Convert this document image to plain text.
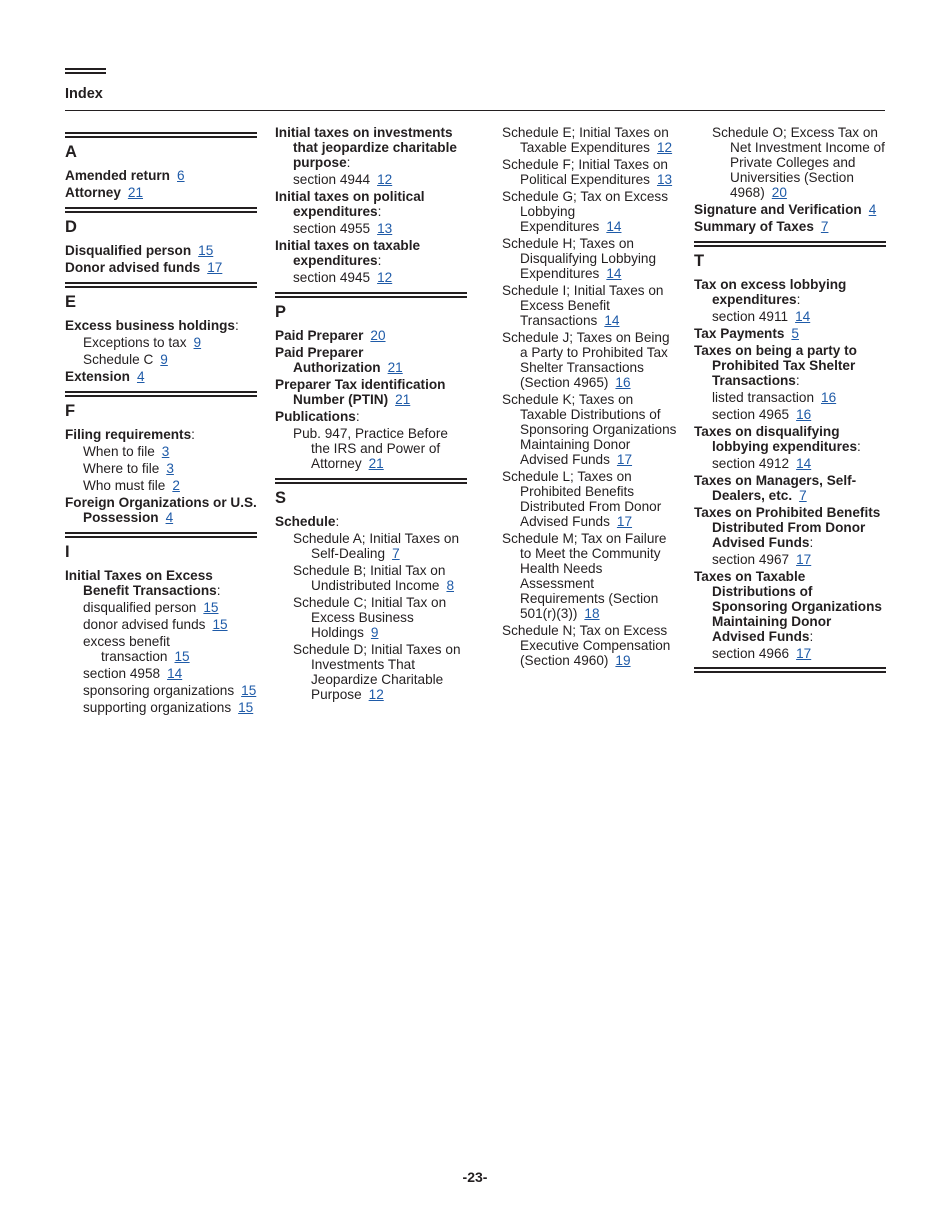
Index
A
Amended return 6
Attorney 21
D
Disqualified person 15
Donor advised funds 17
E
Excess business holdings:
Exceptions to tax 9
Schedule C 9
Extension 4
F
Filing requirements:
When to file 3
Where to file 3
Who must file 2
Foreign Organizations or U.S. Possession 4
I
Initial Taxes on Excess Benefit Transactions:
disqualified person 15
donor advised funds 15
excess benefit transaction 15
section 4958 14
sponsoring organizations 15
supporting organizations 15
Initial taxes on investments that jeopardize charitable purpose:
section 4944 12
Initial taxes on political expenditures:
section 4955 13
Initial taxes on taxable expenditures:
section 4945 12
P
Paid Preparer 20
Paid Preparer Authorization 21
Preparer Tax identification Number (PTIN) 21
Publications:
Pub. 947, Practice Before the IRS and Power of Attorney 21
S
Schedule:
Schedule A; Initial Taxes on Self-Dealing 7
Schedule B; Initial Tax on Undistributed Income 8
Schedule C; Initial Tax on Excess Business Holdings 9
Schedule D; Initial Taxes on Investments That Jeopardize Charitable Purpose 12
Schedule E; Initial Taxes on Taxable Expenditures 12
Schedule F; Initial Taxes on Political Expenditures 13
Schedule G; Tax on Excess Lobbying Expenditures 14
Schedule H; Taxes on Disqualifying Lobbying Expenditures 14
Schedule I; Initial Taxes on Excess Benefit Transactions 14
Schedule J; Taxes on Being a Party to Prohibited Tax Shelter Transactions (Section 4965) 16
Schedule K; Taxes on Taxable Distributions of Sponsoring Organizations Maintaining Donor Advised Funds 17
Schedule L; Taxes on Prohibited Benefits Distributed From Donor Advised Funds 17
Schedule M; Tax on Failure to Meet the Community Health Needs Assessment Requirements (Section 501(r)(3)) 18
Schedule N; Tax on Excess Executive Compensation (Section 4960) 19
Schedule O; Excess Tax on Net Investment Income of Private Colleges and Universities (Section 4968) 20
Signature and Verification 4
Summary of Taxes 7
T
Tax on excess lobbying expenditures:
section 4911 14
Tax Payments 5
Taxes on being a party to Prohibited Tax Shelter Transactions:
listed transaction 16
section 4965 16
Taxes on disqualifying lobbying expenditures:
section 4912 14
Taxes on Managers, Self-Dealers, etc. 7
Taxes on Prohibited Benefits Distributed From Donor Advised Funds:
section 4967 17
Taxes on Taxable Distributions of Sponsoring Organizations Maintaining Donor Advised Funds:
section 4966 17
-23-
